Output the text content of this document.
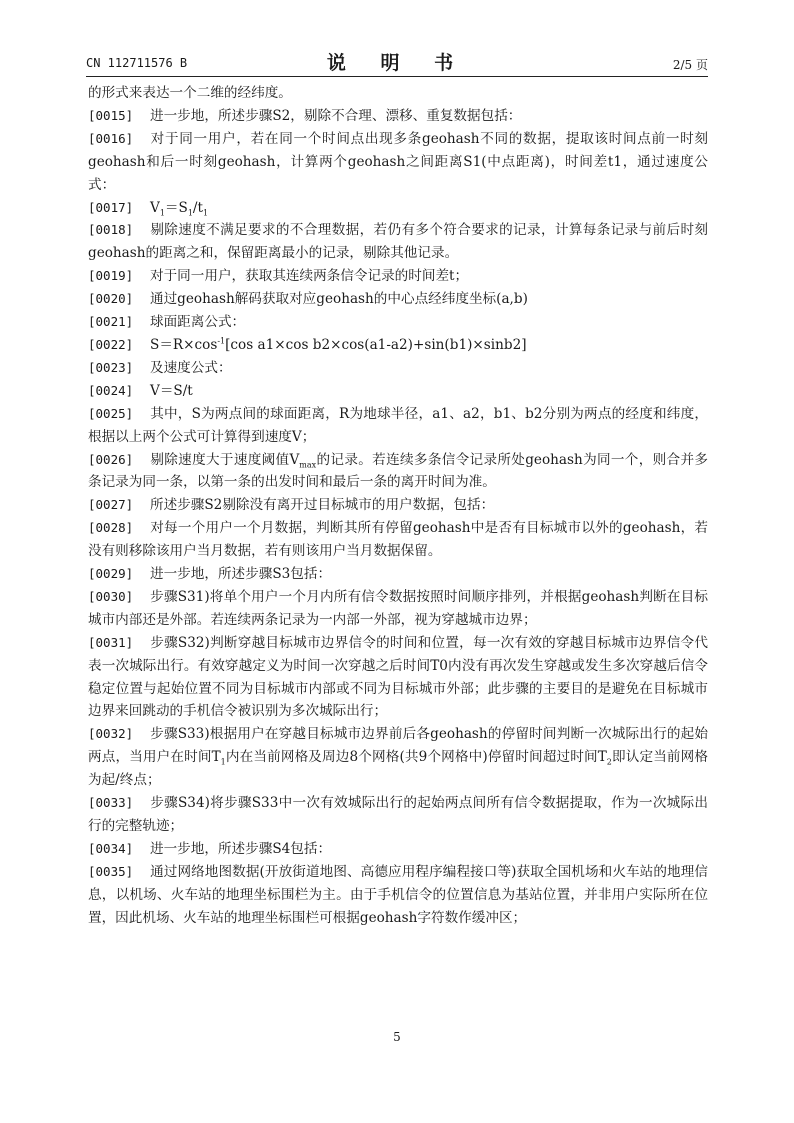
CN 112711576 B	说 明 书	2/5 页

的形式来表达一个二维的经纬度。

[0015] 进一步地，所述步骤S2，剔除不合理、漂移、重复数据包括：

[0016] 对于同一用户，若在同一个时间点出现多条geohash不同的数据，提取该时间点前一时刻geohash和后一时刻geohash，计算两个geohash之间距离S1(中点距离)，时间差t1，通过速度公式：

[0017] $V_1=S_1/t_1$

[0018] 剔除速度不满足要求的不合理数据，若仍有多个符合要求的记录，计算每条记录与前后时刻geohash的距离之和，保留距离最小的记录，剔除其他记录。

[0019] 对于同一用户，获取其连续两条信令记录的时间差t；

[0020] 通过geohash解码获取对应geohash的中心点经纬度坐标(a,b)

[0021] 球面距离公式：

[0022] $S=R\times\cos^{-1}[\cos$ a1×cos b2×cos(a1-a2)+sin(b1)×sinb2]

[0023] 及速度公式：

[0024] V＝S/t

[0025] 其中，S为两点间的球面距离，R为地球半径，a1、a2，b1、b2分别为两点的经度和纬度，根据以上两个公式可计算得到速度V；

[0026] 剔除速度大于速度阈值$V_{max}$的记录。若连续多条信令记录所处geohash为同一个，则合并多条记录为同一条，以第一条的出发时间和最后一条的离开时间为准。

[0027] 所述步骤S2剔除没有离开过目标城市的用户数据，包括：

[0028] 对每一个用户一个月数据，判断其所有停留geohash中是否有目标城市以外的geohash，若没有则移除该用户当月数据，若有则该用户当月数据保留。

[0029] 进一步地，所述步骤S3包括：

[0030] 步骤S31)将单个用户一个月内所有信令数据按照时间顺序排列，并根据geohash判断在目标城市内部还是外部。若连续两条记录为一内部一外部，视为穿越城市边界；

[0031] 步骤S32)判断穿越目标城市边界信令的时间和位置，每一次有效的穿越目标城市边界信令代表一次城际出行。有效穿越定义为时间一次穿越之后时间T0内没有再次发生穿越或发生多次穿越后信令稳定位置与起始位置不同为目标城市内部或不同为目标城市外部；此步骤的主要目的是避免在目标城市边界来回跳动的手机信令被识别为多次城际出行；

[0032] 步骤S33)根据用户在穿越目标城市边界前后各geohash的停留时间判断一次城际出行的起始两点，当用户在时间$T_1$内在当前网格及周边8个网格(共9个网格中)停留时间超过时间$T_2$即认定当前网格为起/终点；

[0033] 步骤S34)将步骤S33中一次有效城际出行的起始两点间所有信令数据提取，作为一次城际出行的完整轨迹；

[0034] 进一步地，所述步骤S4包括：

[0035] 通过网络地图数据(开放街道地图、高德应用程序编程接口等)获取全国机场和火车站的地理信息，以机场、火车站的地理坐标围栏为主。由于手机信令的位置信息为基站位置，并非用户实际所在位置，因此机场、火车站的地理坐标围栏可根据geohash字符数作缓冲区；

5
